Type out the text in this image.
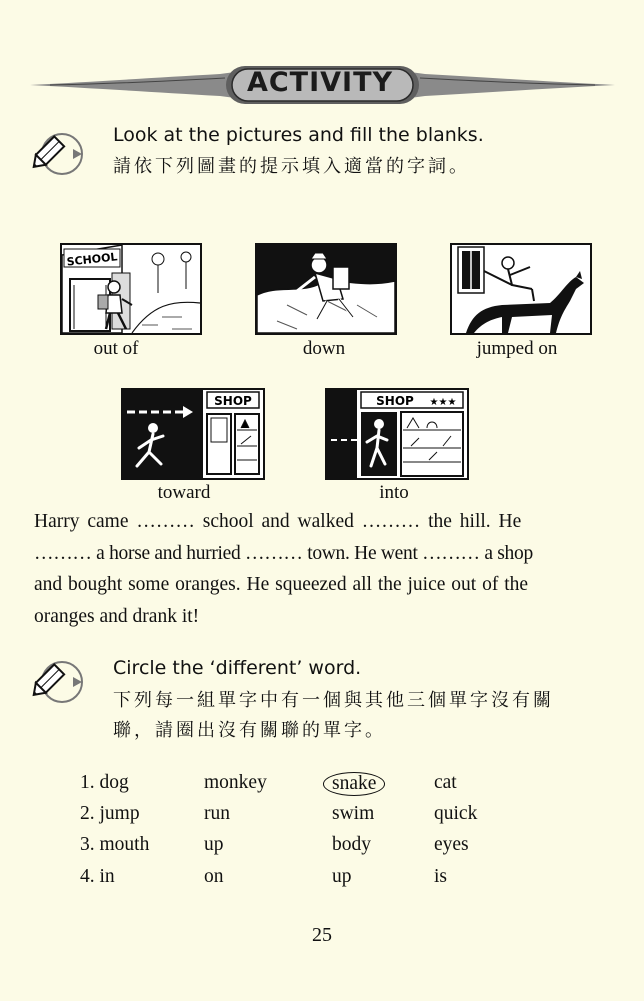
ACTIVITY
Look at the pictures and fill the blanks.
請依下列圖畫的提示填入適當的字詞。
SCHOOL
out of	down	jumped on
SHOP
toward
SHOP ★★★
into

Harry came ……… school and walked ……… the hill. He

……… a horse and hurried ……… town. He went ……… a shop

and bought some oranges. He squeezed all the juice out of the

oranges and drank it!

Circle the ‘different’ word.
下列每一組單字中有一個與其他三個單字沒有關
聯，請圈出沒有關聯的單字。
1. dog	monkey	snake	cat
2. jump	run	swim	quick
3. mouth	up	body	eyes
4. in	on	up	is
25
